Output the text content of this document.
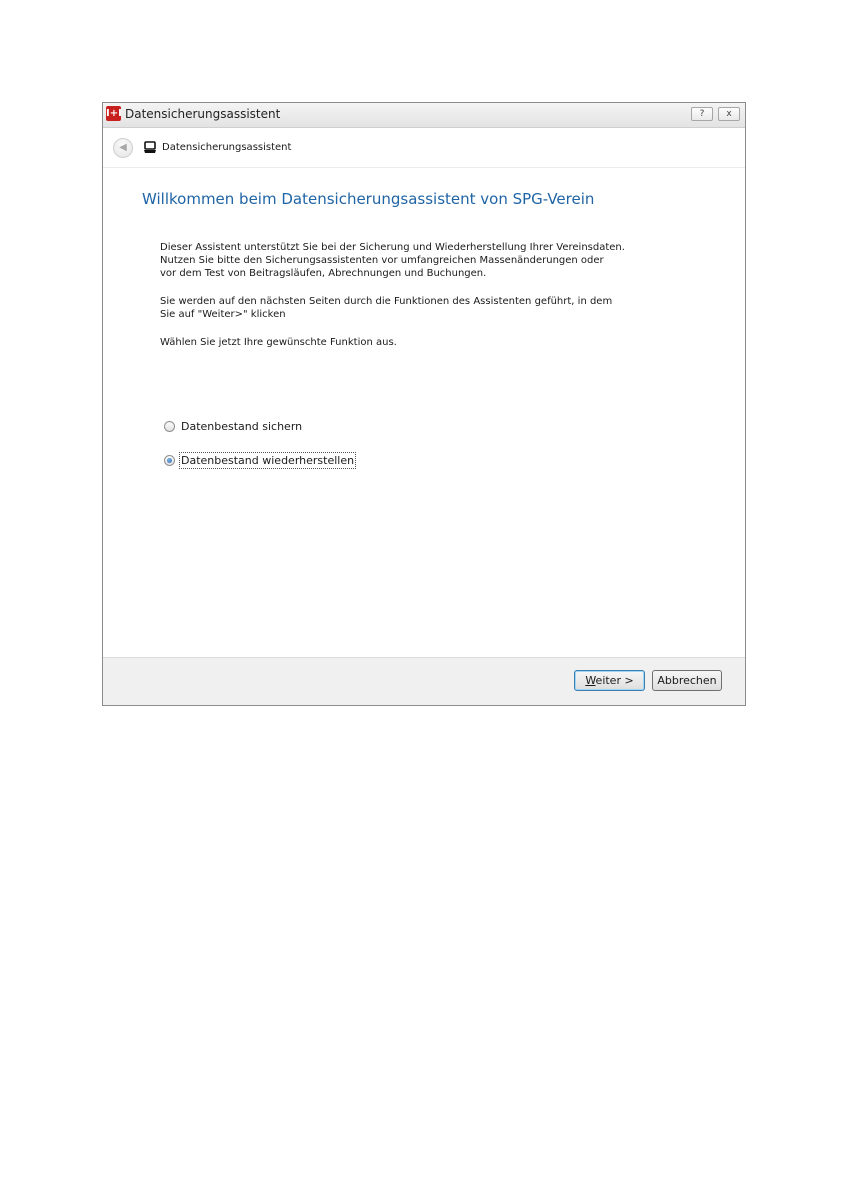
I+I Datensicherungsassistent	?	x
◀	Datensicherungsassistent
Willkommen beim Datensicherungsassistent von SPG-Verein
Dieser Assistent unterstützt Sie bei der Sicherung und Wiederherstellung Ihrer Vereinsdaten.
Nutzen Sie bitte den Sicherungsassistenten vor umfangreichen Massenänderungen oder
vor dem Test von Beitragsläufen, Abrechnungen und Buchungen.
Sie werden auf den nächsten Seiten durch die Funktionen des Assistenten geführt, in dem
Sie auf "Weiter>" klicken
Wählen Sie jetzt Ihre gewünschte Funktion aus.
Datenbestand sichern
Datenbestand wiederherstellen
Weiter >	Abbrechen
